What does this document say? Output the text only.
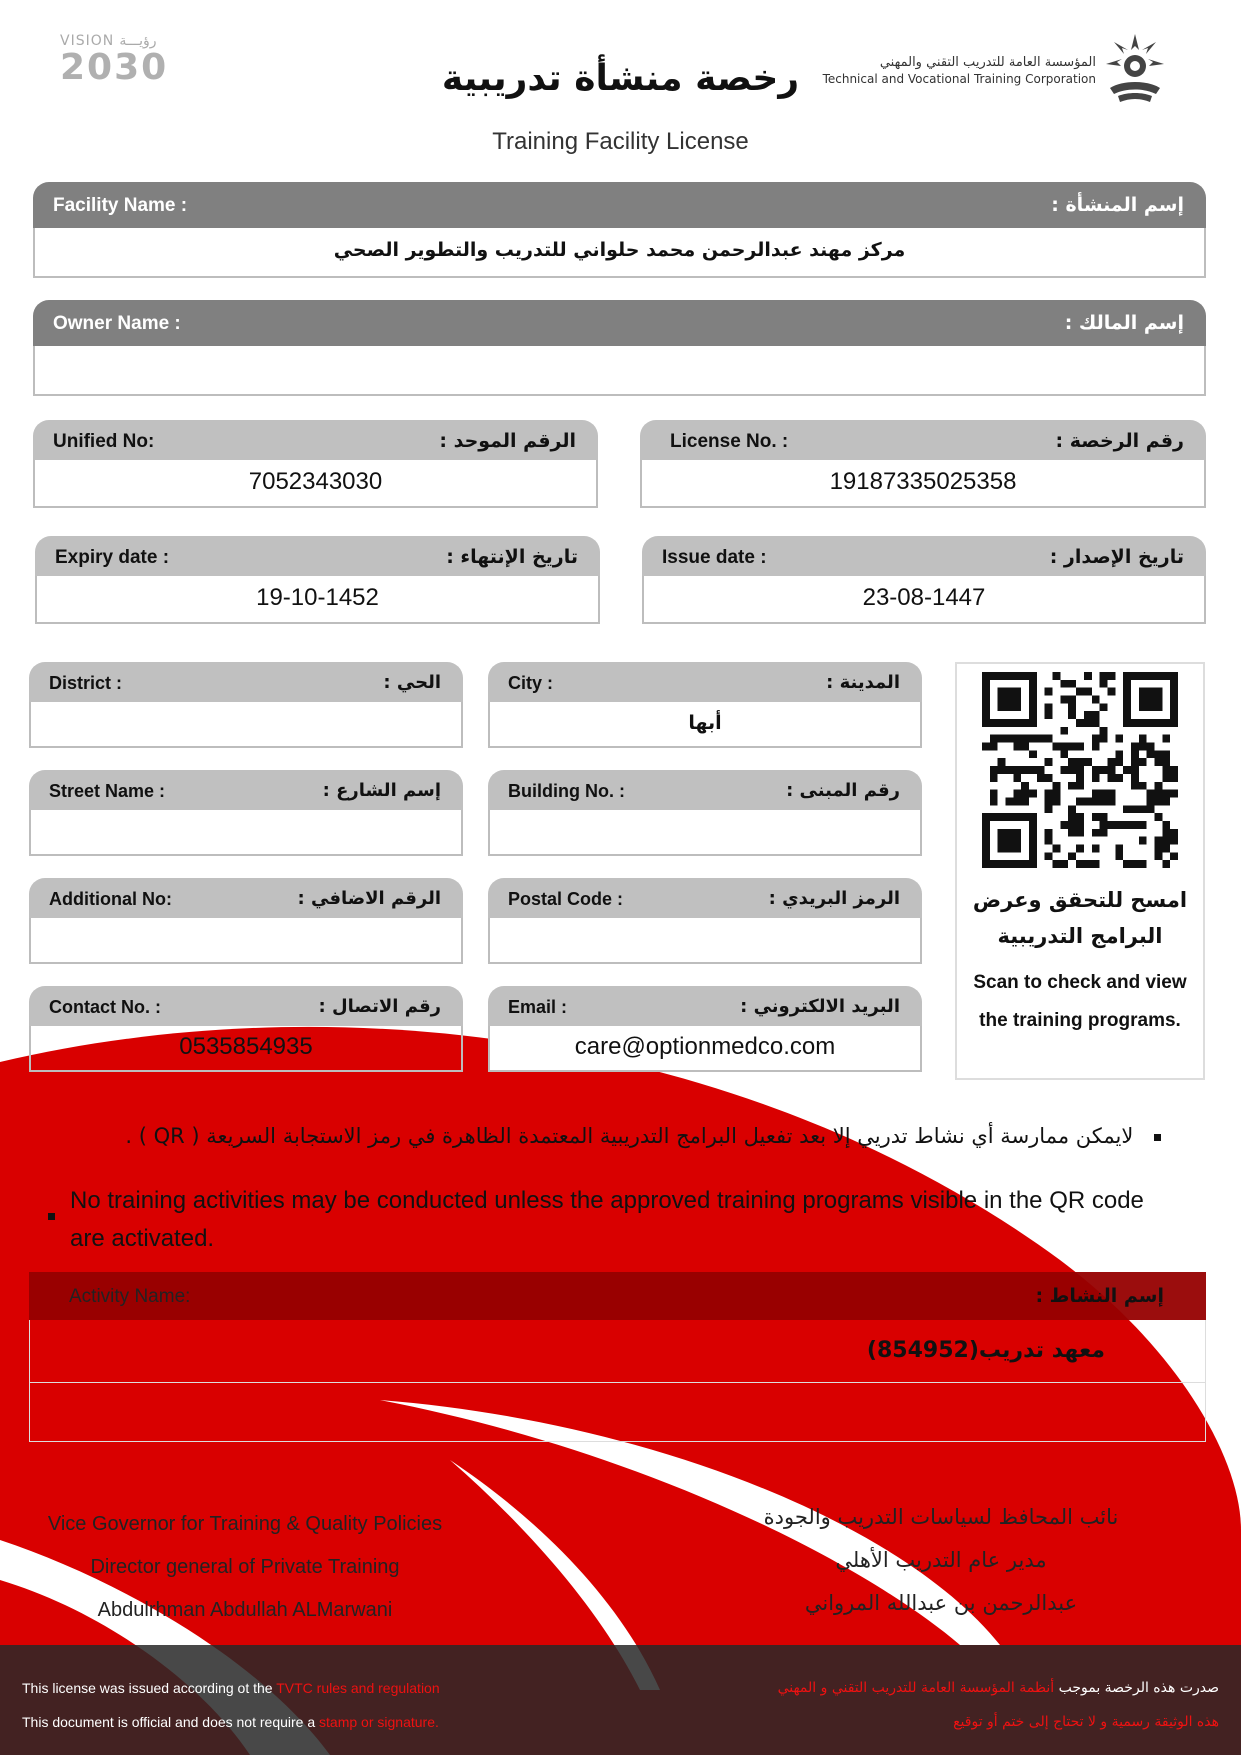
VISION رؤيـــة
2030	رخصة منشأة تدريبية
Training Facility License
المؤسسة العامة للتدريب التقني والمهني
Technical and Vocational Training Corporation
Facility Name :	إسم المنشأة :
مركز مهند عبدالرحمن محمد حلواني للتدريب والتطوير الصحي
Owner Name :	إسم المالك :
Unified No:	الرقم الموحد :
7052343030
License No. :	رقم الرخصة :
19187335025358
Expiry date :	تاريخ الإنتهاء :
19-10-1452
Issue date :	تاريخ الإصدار :
23-08-1447
District :	الحي :
Street Name :	إسم الشارع :
Additional No:	الرقم الاضافي :
Contact No. :	رقم الاتصال :
0535854935
City :	المدينة :
أبها
Building No. :	رقم المبنى :
Postal Code :	الرمز البريدي :
Email :	البريد الالكتروني :
care@optionmedco.com
امسح للتحقق وعرض
البرامج التدريبية
Scan to check and view
the training programs.
لايمكن ممارسة أي نشاط تدريي إلا بعد تفعيل البرامج التدريبية المعتمدة الظاهرة في رمز الاستجابة السريعة ( QR ) .
No training activities may be conducted unless the approved training programs visible in the QR code are activated.
Activity Name:	إسم النشاط :
معهد تدريب(854952)
Vice Governor for Training & Quality Policies
Director general of Private Training
Abdulrhman Abdullah ALMarwani
نائب المحافظ لسياسات التدريب والجودة
مدير عام التدريب الأهلي
عبدالرحمن بن عبدالله المرواني
This license was issued according ot the TVTC rules and regulation
This document is official and does not require a stamp or signature.
صدرت هذه الرخصة بموجب أنظمة المؤسسة العامة للتدريب التقني و المهني
هذه الوثيقة رسمية و لا تحتاج إلى ختم أو توقيع
